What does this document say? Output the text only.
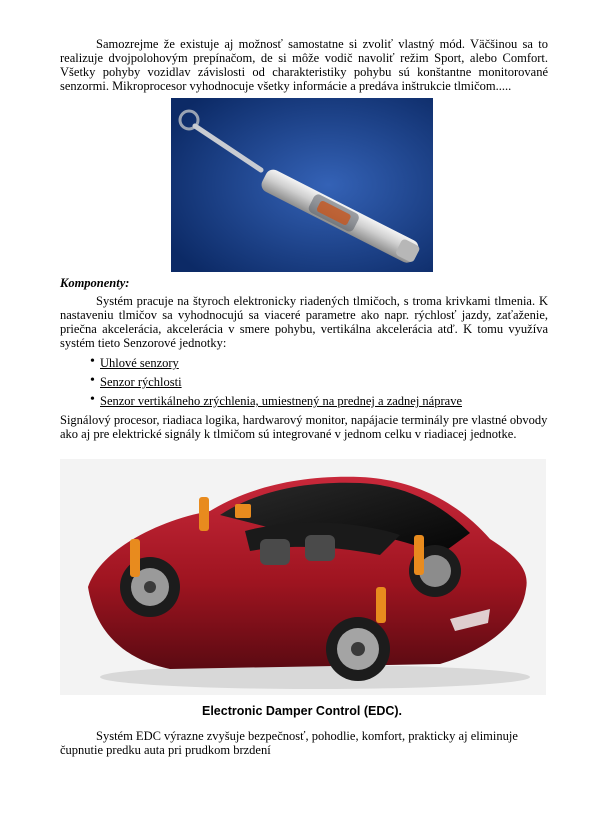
Samozrejme že existuje aj možnosť samostatne si zvoliť vlastný mód. Väčšinou sa to realizuje dvojpolohovým prepínačom, de si môže vodič navoliť režim Sport, alebo Comfort. Všetky pohyby vozidlav závislosti od charakteristiky pohybu sú konštantne monitorované senzormi. Mikroprocesor vyhodnocuje všetky informácie a predáva inštrukcie tlmičom.....
Komponenty:
Systém pracuje na štyroch elektronicky riadených tlmičoch, s troma krivkami tlmenia. K nastaveniu tlmičov sa vyhodnocujú sa viaceré parametre ako napr. rýchlosť jazdy, zaťaženie, priečna akcelerácia, akcelerácia v smere pohybu, vertikálna akcelerácia atď. K tomu využíva systém tieto Senzorové jednotky:
• Uhlové senzory
• Senzor rýchlosti
• Senzor vertikálneho zrýchlenia, umiestnený na prednej a zadnej náprave
Signálový procesor, riadiaca logika, hardwarový monitor, napájacie terminály pre vlastné obvody ako aj pre elektrické signály k tlmičom sú integrované v jednom celku v riadiacej jednotke.
Electronic Damper Control (EDC).
Systém EDC výrazne zvyšuje bezpečnosť, pohodlie, komfort, prakticky aj eliminuje čupnutie predku auta pri prudkom brzdení
